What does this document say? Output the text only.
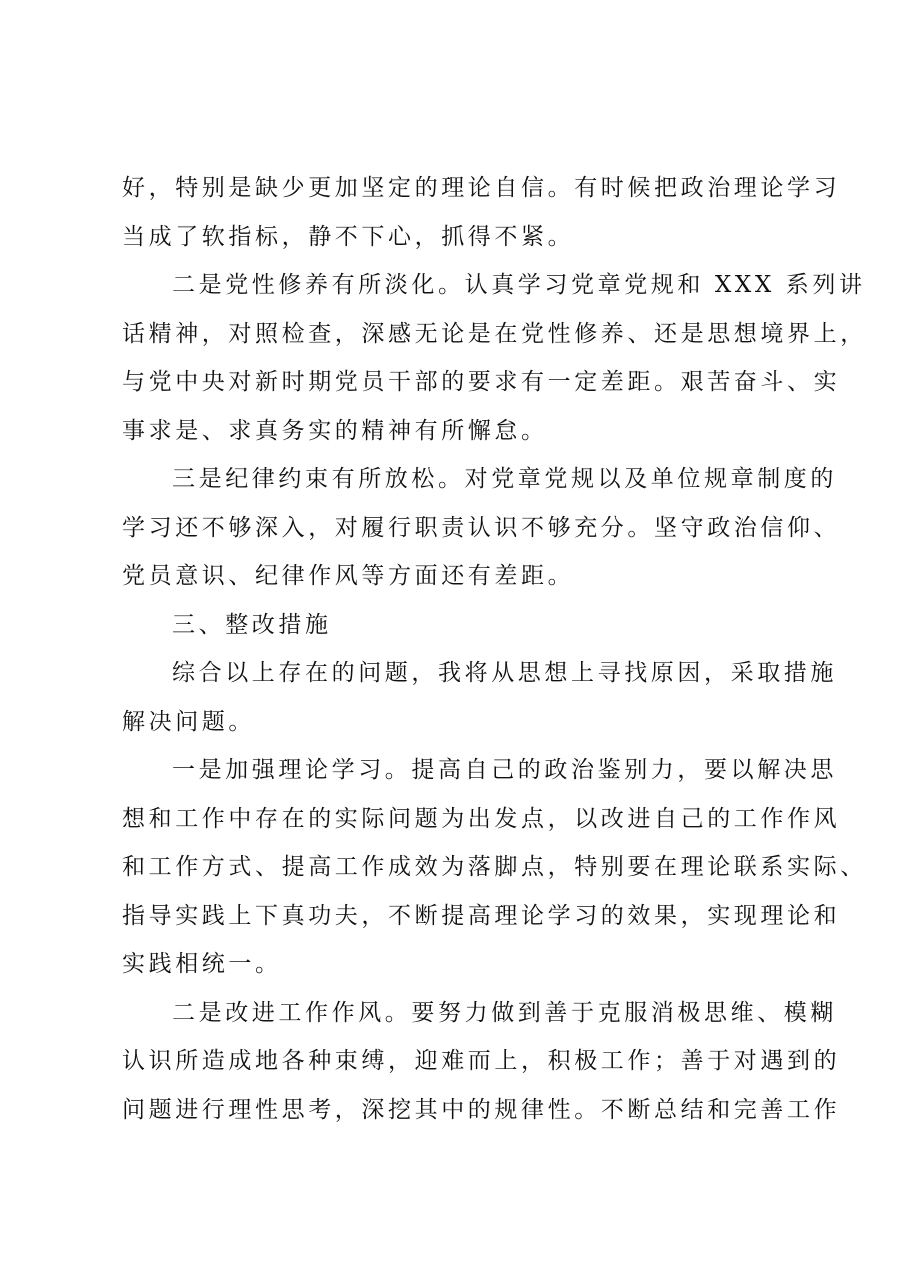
好，特别是缺少更加坚定的理论自信。有时候把政治理论学习
当成了软指标，静不下心，抓得不紧。
二是党性修养有所淡化。认真学习党章党规和 XXX 系列讲
话精神，对照检查，深感无论是在党性修养、还是思想境界上，
与党中央对新时期党员干部的要求有一定差距。艰苦奋斗、实
事求是、求真务实的精神有所懈怠。
三是纪律约束有所放松。对党章党规以及单位规章制度的
学习还不够深入，对履行职责认识不够充分。坚守政治信仰、
党员意识、纪律作风等方面还有差距。
三、整改措施
综合以上存在的问题，我将从思想上寻找原因，采取措施
解决问题。
一是加强理论学习。提高自己的政治鉴别力，要以解决思
想和工作中存在的实际问题为出发点，以改进自己的工作作风
和工作方式、提高工作成效为落脚点，特别要在理论联系实际、
指导实践上下真功夫，不断提高理论学习的效果，实现理论和
实践相统一。
二是改进工作作风。要努力做到善于克服消极思维、模糊
认识所造成地各种束缚，迎难而上，积极工作；善于对遇到的
问题进行理性思考，深挖其中的规律性。不断总结和完善工作
